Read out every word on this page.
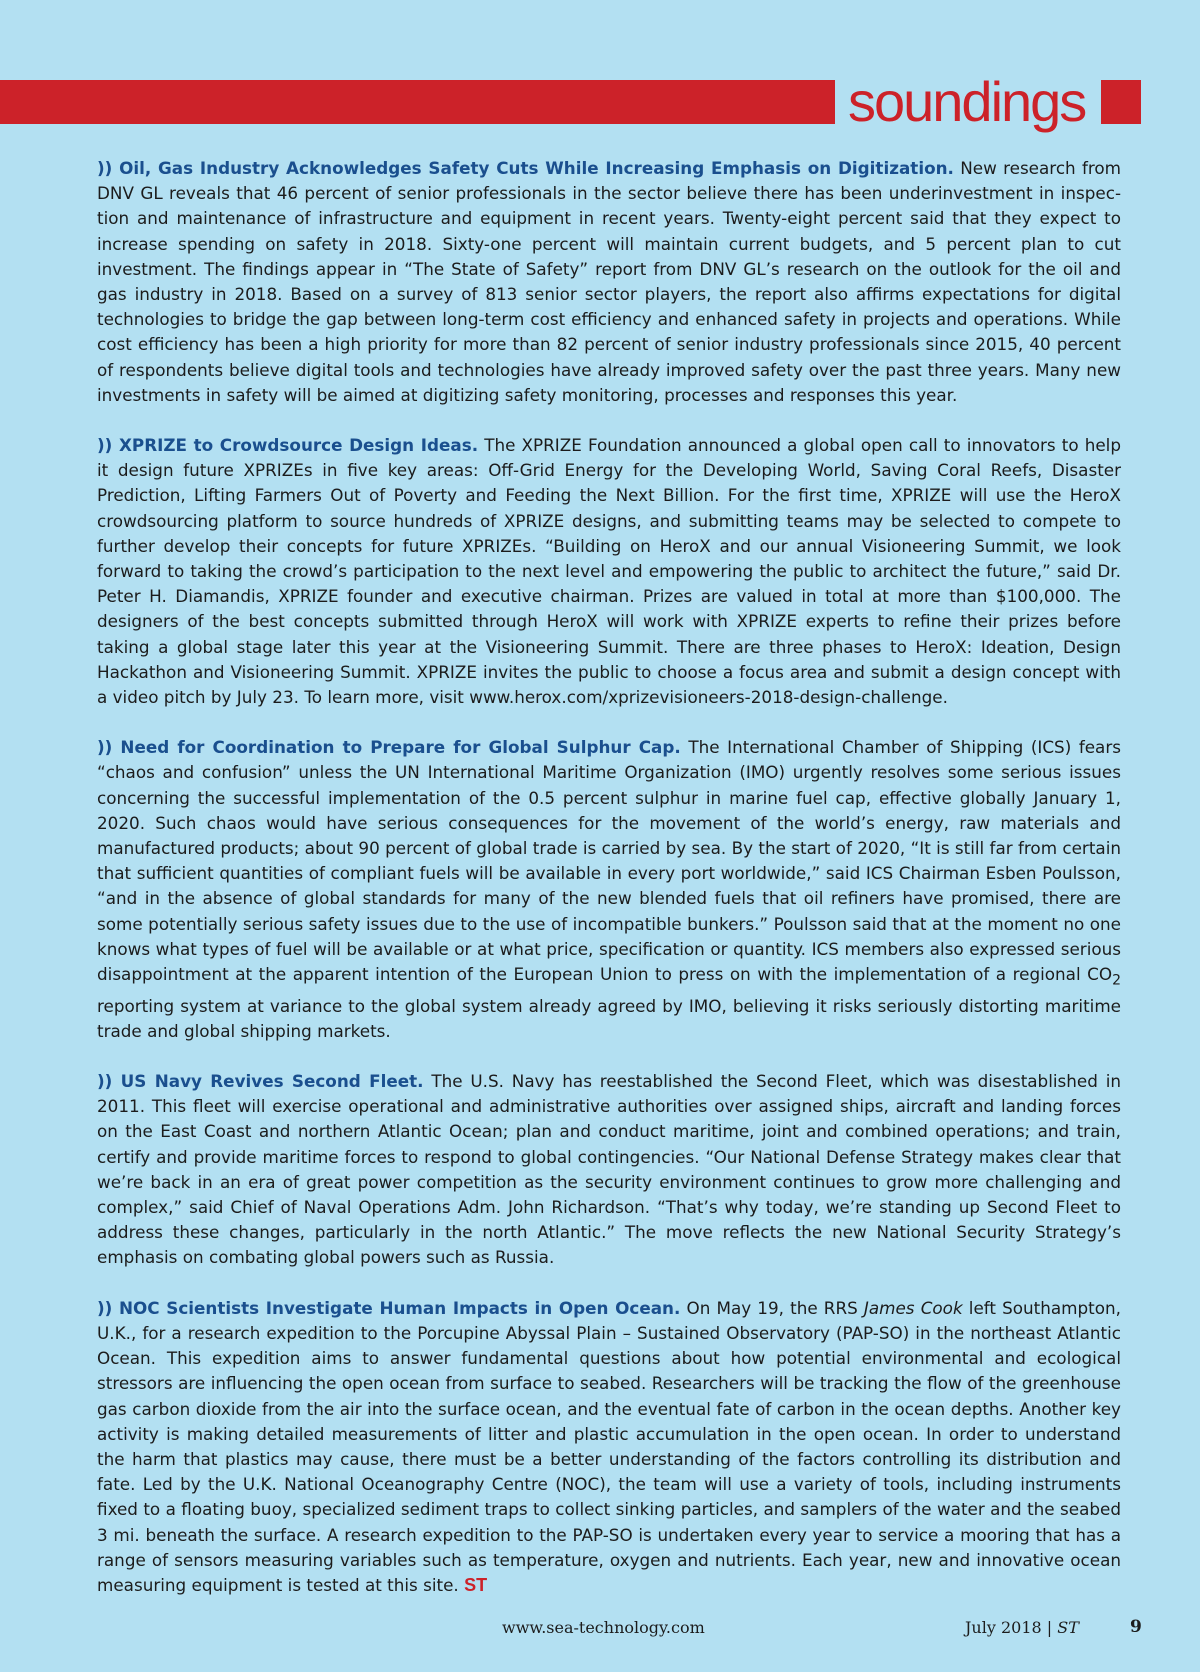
soundings

)) Oil, Gas Industry Acknowledges Safety Cuts While Increasing Emphasis on Digitization. New research from DNV GL reveals that 46 percent of senior professionals in the sector believe there has been underinvestment in inspection and maintenance of infrastructure and equipment in recent years. Twenty-eight percent said that they expect to increase spending on safety in 2018. Sixty-one percent will maintain current budgets, and 5 percent plan to cut investment. The findings appear in “The State of Safety” report from DNV GL’s research on the outlook for the oil and gas industry in 2018. Based on a survey of 813 senior sector players, the report also affirms expectations for digital technologies to bridge the gap between long-term cost efficiency and enhanced safety in projects and operations. While cost efficiency has been a high priority for more than 82 percent of senior industry professionals since 2015, 40 percent of respondents believe digital tools and technologies have already improved safety over the past three years. Many new investments in safety will be aimed at digitizing safety monitoring, processes and responses this year.

)) XPRIZE to Crowdsource Design Ideas. The XPRIZE Foundation announced a global open call to innovators to help it design future XPRIZEs in five key areas: Off-Grid Energy for the Developing World, Saving Coral Reefs, Disaster Prediction, Lifting Farmers Out of Poverty and Feeding the Next Billion. For the first time, XPRIZE will use the HeroX crowdsourcing platform to source hundreds of XPRIZE designs, and submitting teams may be selected to compete to further develop their concepts for future XPRIZEs. “Building on HeroX and our annual Visioneering Summit, we look forward to taking the crowd’s participation to the next level and empowering the public to architect the future,” said Dr. Peter H. Diamandis, XPRIZE founder and executive chairman. Prizes are valued in total at more than $100,000. The designers of the best concepts submitted through HeroX will work with XPRIZE experts to refine their prizes before taking a global stage later this year at the Visioneering Summit. There are three phases to HeroX: Ideation, Design Hackathon and Visioneering Summit. XPRIZE invites the public to choose a focus area and submit a design concept with a video pitch by July 23. To learn more, visit www.herox.com/xprizevisioneers-2018-design-challenge.

)) Need for Coordination to Prepare for Global Sulphur Cap. The International Chamber of Shipping (ICS) fears “chaos and confusion” unless the UN International Maritime Organization (IMO) urgently resolves some serious issues concerning the successful implementation of the 0.5 percent sulphur in marine fuel cap, effective globally January 1, 2020. Such chaos would have serious consequences for the movement of the world’s energy, raw materials and manufactured products; about 90 percent of global trade is carried by sea. By the start of 2020, “It is still far from certain that sufficient quantities of compliant fuels will be available in every port worldwide,” said ICS Chairman Esben Poulsson, “and in the absence of global standards for many of the new blended fuels that oil refiners have promised, there are some potentially serious safety issues due to the use of incompatible bunkers.” Poulsson said that at the moment no one knows what types of fuel will be available or at what price, specification or quantity. ICS members also expressed serious disappointment at the apparent intention of the European Union to press on with the implementation of a regional $CO_2$ reporting system at variance to the global system already agreed by IMO, believing it risks seriously distorting maritime trade and global shipping markets.

)) US Navy Revives Second Fleet. The U.S. Navy has reestablished the Second Fleet, which was disestablished in 2011. This fleet will exercise operational and administrative authorities over assigned ships, aircraft and landing forces on the East Coast and northern Atlantic Ocean; plan and conduct maritime, joint and combined operations; and train, certify and provide maritime forces to respond to global contingencies. “Our National Defense Strategy makes clear that we’re back in an era of great power competition as the security environment continues to grow more challenging and complex,” said Chief of Naval Operations Adm. John Richardson. “That’s why today, we’re standing up Second Fleet to address these changes, particularly in the north Atlantic.” The move reflects the new National Security Strategy’s emphasis on combating global powers such as Russia.

)) NOC Scientists Investigate Human Impacts in Open Ocean. On May 19, the RRS James Cook left Southampton, U.K., for a research expedition to the Porcupine Abyssal Plain – Sustained Observatory (PAP-SO) in the northeast Atlantic Ocean. This expedition aims to answer fundamental questions about how potential environmental and ecological stressors are influencing the open ocean from surface to seabed. Researchers will be tracking the flow of the greenhouse gas carbon dioxide from the air into the surface ocean, and the eventual fate of carbon in the ocean depths. Another key activity is making detailed measurements of litter and plastic accumulation in the open ocean. In order to understand the harm that plastics may cause, there must be a better understanding of the factors controlling its distribution and fate. Led by the U.K. National Oceanography Centre (NOC), the team will use a variety of tools, including instruments fixed to a floating buoy, specialized sediment traps to collect sinking particles, and samplers of the water and the seabed 3 mi. beneath the surface. A research expedition to the PAP-SO is undertaken every year to service a mooring that has a range of sensors measuring variables such as temperature, oxygen and nutrients. Each year, new and innovative ocean measuring equipment is tested at this site. ST

www.sea-technology.com	July 2018 | ST	9
